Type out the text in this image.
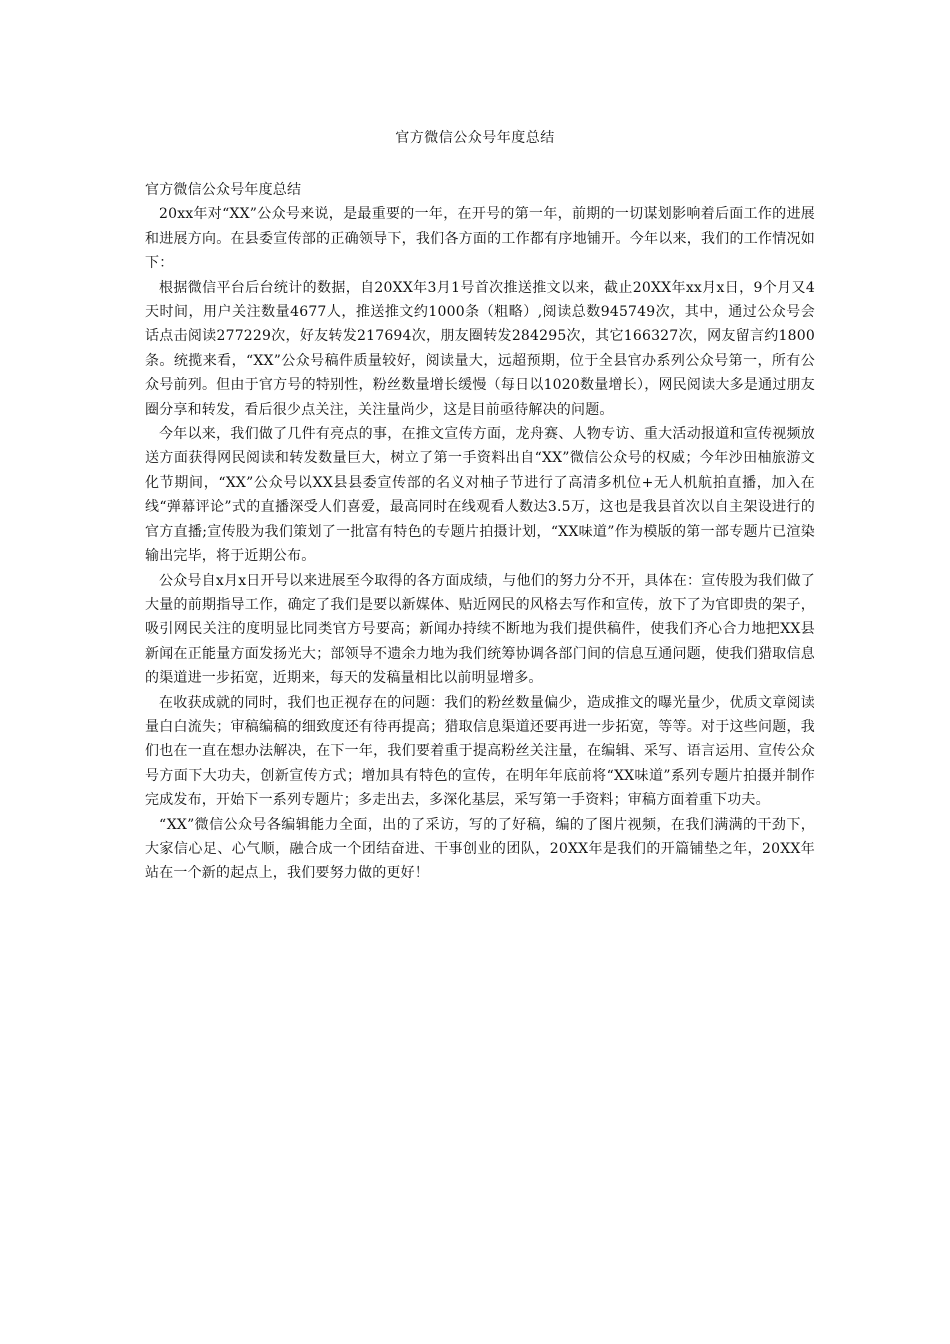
官方微信公众号年度总结

官方微信公众号年度总结

20xx年对“XX”公众号来说，是最重要的一年，在开号的第一年，前期的一切谋划影响着后面工作的进展和进展方向。在县委宣传部的正确领导下，我们各方面的工作都有序地铺开。今年以来，我们的工作情况如下：

根据微信平台后台统计的数据，自20XX年3月1号首次推送推文以来，截止20XX年xx月x日，9个月又4天时间，用户关注数量4677人，推送推文约1000条（粗略）,阅读总数945749次，其中，通过公众号会话点击阅读277229次，好友转发217694次，朋友圈转发284295次，其它166327次，网友留言约1800条。统揽来看，“XX”公众号稿件质量较好，阅读量大，远超预期，位于全县官办系列公众号第一，所有公众号前列。但由于官方号的特别性，粉丝数量增长缓慢（每日以1020数量增长），网民阅读大多是通过朋友圈分享和转发，看后很少点关注，关注量尚少，这是目前亟待解决的问题。

今年以来，我们做了几件有亮点的事，在推文宣传方面，龙舟赛、人物专访、重大活动报道和宣传视频放送方面获得网民阅读和转发数量巨大，树立了第一手资料出自“XX”微信公众号的权威；今年沙田柚旅游文化节期间，“XX”公众号以XX县县委宣传部的名义对柚子节进行了高清多机位+无人机航拍直播，加入在线“弹幕评论”式的直播深受人们喜爱，最高同时在线观看人数达3.5万，这也是我县首次以自主架设进行的官方直播;宣传股为我们策划了一批富有特色的专题片拍摄计划，“XX味道”作为模版的第一部专题片已渲染输出完毕，将于近期公布。

公众号自x月x日开号以来进展至今取得的各方面成绩，与他们的努力分不开，具体在：宣传股为我们做了大量的前期指导工作，确定了我们是要以新媒体、贴近网民的风格去写作和宣传，放下了为官即贵的架子，吸引网民关注的度明显比同类官方号要高；新闻办持续不断地为我们提供稿件，使我们齐心合力地把XX县新闻在正能量方面发扬光大；部领导不遗余力地为我们统筹协调各部门间的信息互通问题，使我们猎取信息的渠道进一步拓宽，近期来，每天的发稿量相比以前明显增多。

在收获成就的同时，我们也正视存在的问题：我们的粉丝数量偏少，造成推文的曝光量少，优质文章阅读量白白流失；审稿编稿的细致度还有待再提高；猎取信息渠道还要再进一步拓宽，等等。对于这些问题，我们也在一直在想办法解决，在下一年，我们要着重于提高粉丝关注量，在编辑、采写、语言运用、宣传公众号方面下大功夫，创新宣传方式；增加具有特色的宣传，在明年年底前将“XX味道”系列专题片拍摄并制作完成发布，开始下一系列专题片；多走出去，多深化基层，采写第一手资料；审稿方面着重下功夫。

“XX”微信公众号各编辑能力全面，出的了采访，写的了好稿，编的了图片视频，在我们满满的干劲下，大家信心足、心气顺，融合成一个团结奋进、干事创业的团队，20XX年是我们的开篇铺垫之年，20XX年站在一个新的起点上，我们要努力做的更好！
